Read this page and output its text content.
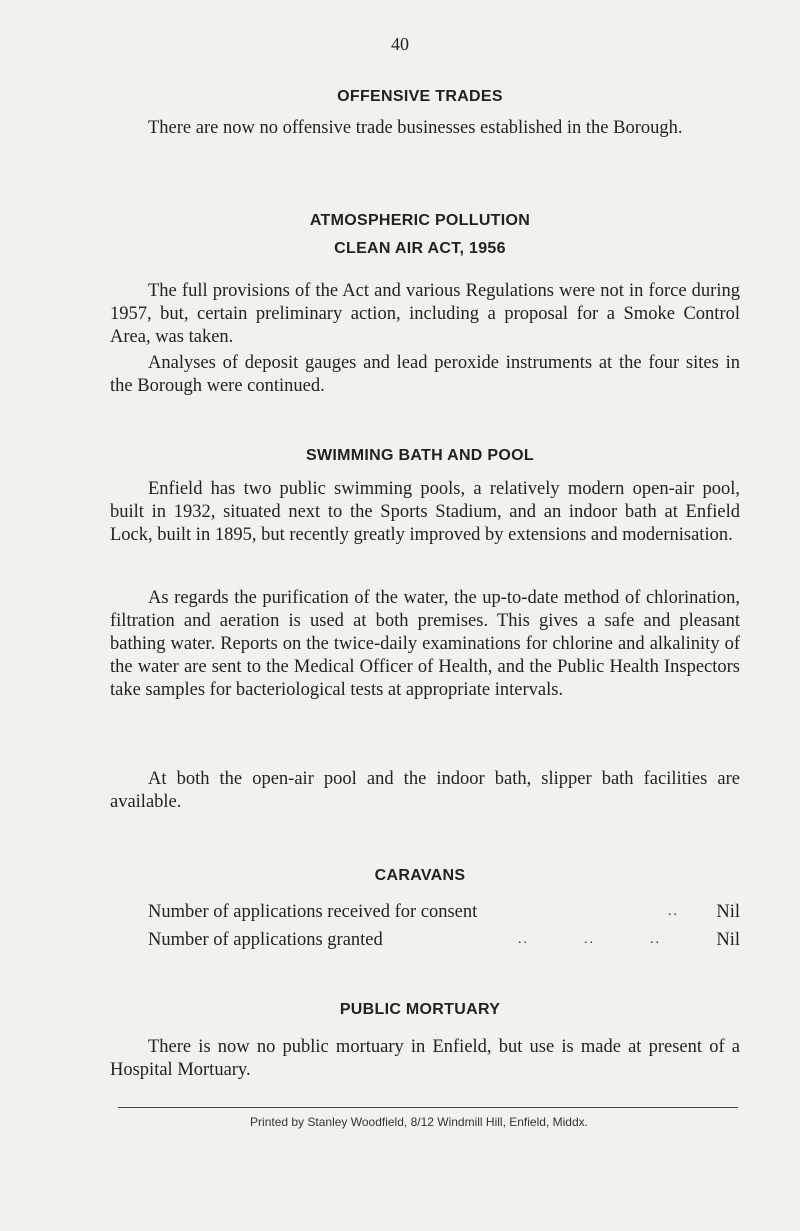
40
OFFENSIVE TRADES
There are now no offensive trade businesses established in the Borough.
ATMOSPHERIC POLLUTION
CLEAN AIR ACT, 1956
The full provisions of the Act and various Regulations were not in force during 1957, but, certain preliminary action, including a proposal for a Smoke Control Area, was taken.
Analyses of deposit gauges and lead peroxide instruments at the four sites in the Borough were continued.
SWIMMING BATH AND POOL
Enfield has two public swimming pools, a relatively modern open-air pool, built in 1932, situated next to the Sports Stadium, and an indoor bath at Enfield Lock, built in 1895, but recently greatly improved by extensions and modernisation.
As regards the purification of the water, the up-to-date method of chlorination, filtration and aeration is used at both premises. This gives a safe and pleasant bathing water. Reports on the twice-daily examinations for chlorine and alkalinity of the water are sent to the Medical Officer of Health, and the Public Health Inspectors take samples for bacteriological tests at appropriate intervals.
At both the open-air pool and the indoor bath, slipper bath facilities are available.
CARAVANS
Number of applications received for consent	.. Nil
Number of applications granted	..          ..          ..	Nil
PUBLIC MORTUARY
There is now no public mortuary in Enfield, but use is made at present of a Hospital Mortuary.
Printed by Stanley Woodfield, 8/12 Windmill Hill, Enfield, Middx.
